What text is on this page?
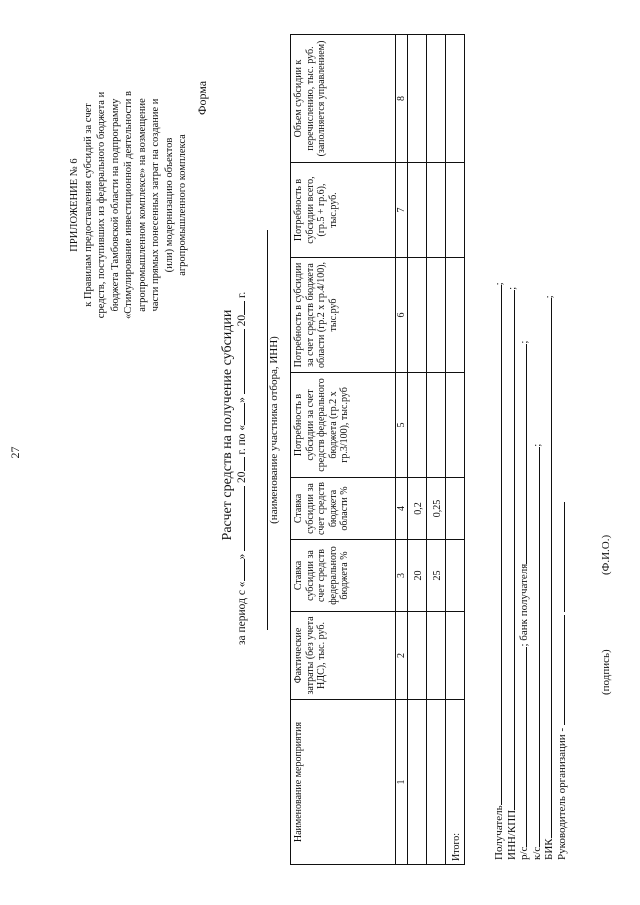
27
ПРИЛОЖЕНИЕ № 6 к Правилам предоставления субсидий за счет средств, поступивших из федерального бюджета и бюджета Тамбовской области на подпрограмму «Стимулирование инвестиционной деятельности в агропромышленном комплексе» на возмещение части прямых понесенных затрат на создание и (или) модернизацию объектов агропромышленного комплекса
Форма
Расчет средств на получение субсидии
за период с «»  20 г. по «»  20 г.
(наименование участника отбора, ИНН)
Наименование мероприятия	Фактические затраты (без учета НДС), тыс. руб.	Ставка субсидии за счет средств федерального бюджета %	Ставка субсидии за счет средств бюджета области %	Потребность в субсидии за счет средств федерального бюджета (гр.2 х гр.3/100), тыс.руб	Потребность в субсидии за счет средств бюджета области (гр.2 х гр.4/100), тыс.руб	Потребность в субсидии всего, (гр.5 + гр.6), тыс.руб.	Объем субсидии к перечислению, тыс. руб. (заполняется управлением)
1	2	3	4	5	6	7	8
		20	0,2				
		25	0,25				
Итого:								Получатель;
ИНН/КПП;
р/с; банк получателя;
к/с;
БИК;
Руководитель организации -
(подпись)
(Ф.И.О.)
